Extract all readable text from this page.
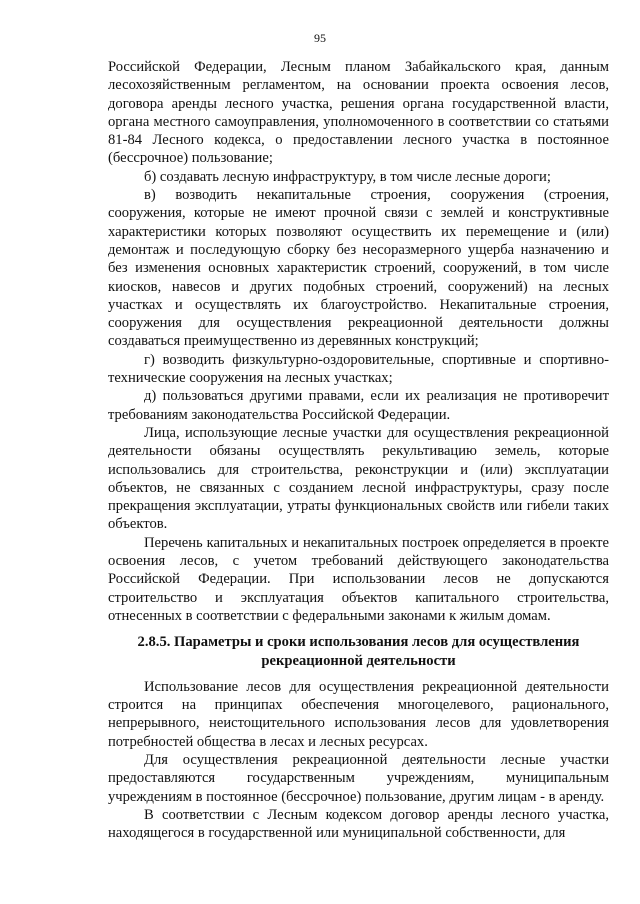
95

Российской Федерации, Лесным планом Забайкальского края, данным лесохозяйственным регламентом, на основании проекта освоения лесов, договора аренды лесного участка, решения органа государственной власти, органа местного самоуправления, уполномоченного в соответствии со статьями 81-84 Лесного кодекса, о предоставлении лесного участка в постоянное (бессрочное) пользование;

б) создавать лесную инфраструктуру, в том числе лесные дороги;

в) возводить некапитальные строения, сооружения (строения, сооружения, которые не имеют прочной связи с землей и конструктивные характеристики которых позволяют осуществить их перемещение и (или) демонтаж и последующую сборку без несоразмерного ущерба назначению и без изменения основных характеристик строений, сооружений, в том числе киосков, навесов и других подобных строений, сооружений) на лесных участках и осуществлять их благоустройство. Некапитальные строения, сооружения для осуществления рекреационной деятельности должны создаваться преимущественно из деревянных конструкций;

г) возводить физкультурно-оздоровительные, спортивные и спортивно-технические сооружения на лесных участках;

д) пользоваться другими правами, если их реализация не противоречит требованиям законодательства Российской Федерации.

Лица, использующие лесные участки для осуществления рекреационной деятельности обязаны осуществлять рекультивацию земель, которые использовались для строительства, реконструкции и (или) эксплуатации объектов, не связанных с созданием лесной инфраструктуры, сразу после прекращения эксплуатации, утраты функциональных свойств или гибели таких объектов.

Перечень капитальных и некапитальных построек определяется в проекте освоения лесов, с учетом требований действующего законодательства Российской Федерации. При использовании лесов не допускаются строительство и эксплуатация объектов капитального строительства, отнесенных в соответствии с федеральными законами к жилым домам.

2.8.5. Параметры и сроки использования лесов для осуществления
рекреационной деятельности

Использование лесов для осуществления рекреационной деятельности строится на принципах обеспечения многоцелевого, рационального, непрерывного, неистощительного использования лесов для удовлетворения потребностей общества в лесах и лесных ресурсах.

Для осуществления рекреационной деятельности лесные участки предоставляются государственным учреждениям, муниципальным учреждениям в постоянное (бессрочное) пользование, другим лицам - в аренду.

В соответствии с Лесным кодексом договор аренды лесного участка, находящегося в государственной или муниципальной собственности, для
